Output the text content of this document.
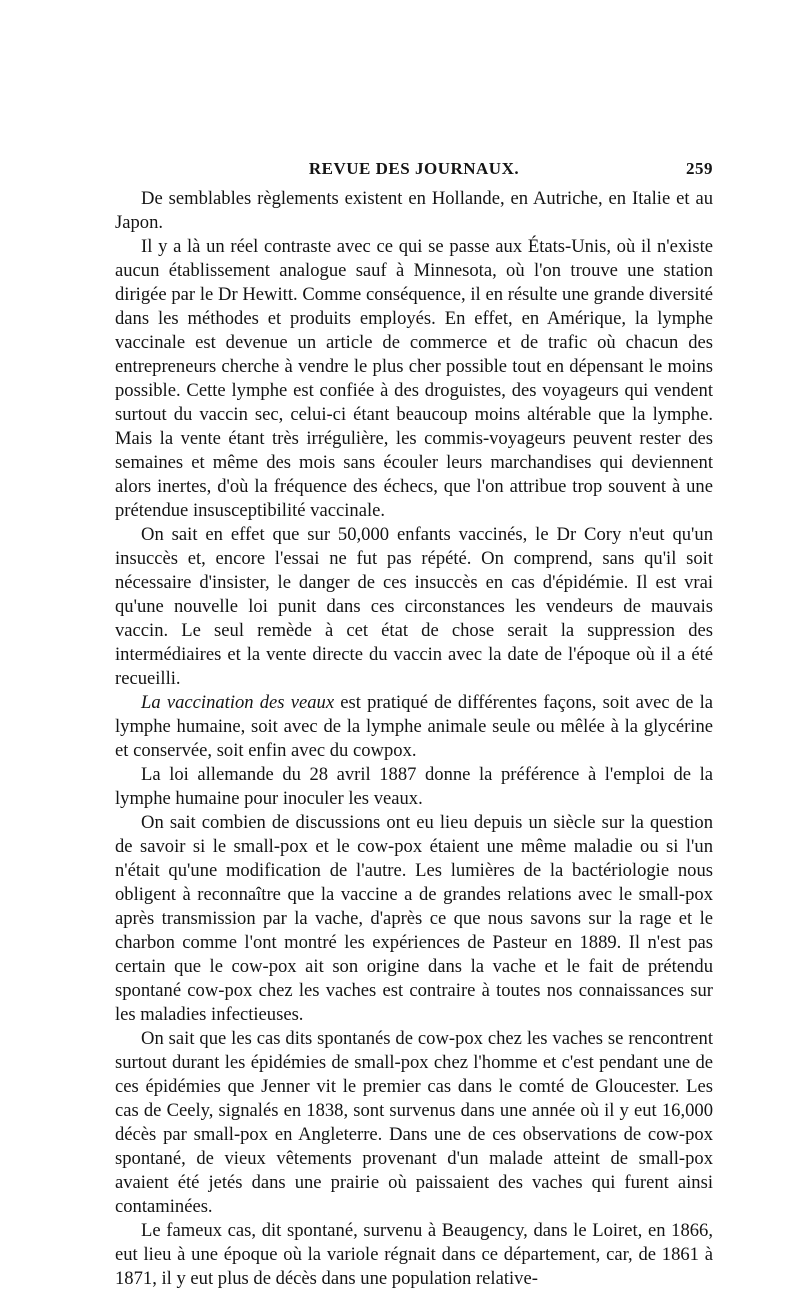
REVUE DES JOURNAUX.	259

De semblables règlements existent en Hollande, en Autriche, en Italie et au Japon.

Il y a là un réel contraste avec ce qui se passe aux États-Unis, où il n'existe aucun établissement analogue sauf à Minnesota, où l'on trouve une station dirigée par le Dr Hewitt. Comme conséquence, il en résulte une grande diversité dans les méthodes et produits employés. En effet, en Amérique, la lymphe vaccinale est devenue un article de commerce et de trafic où chacun des entrepreneurs cherche à vendre le plus cher possible tout en dépensant le moins possible. Cette lymphe est confiée à des droguistes, des voyageurs qui vendent surtout du vaccin sec, celui-ci étant beaucoup moins altérable que la lymphe. Mais la vente étant très irrégulière, les commis-voyageurs peuvent rester des semaines et même des mois sans écouler leurs marchandises qui deviennent alors inertes, d'où la fréquence des échecs, que l'on attribue trop souvent à une prétendue insusceptibilité vaccinale.

On sait en effet que sur 50,000 enfants vaccinés, le Dr Cory n'eut qu'un insuccès et, encore l'essai ne fut pas répété. On comprend, sans qu'il soit nécessaire d'insister, le danger de ces insuccès en cas d'épidémie. Il est vrai qu'une nouvelle loi punit dans ces circonstances les vendeurs de mauvais vaccin. Le seul remède à cet état de chose serait la suppression des intermédiaires et la vente directe du vaccin avec la date de l'époque où il a été recueilli.

La vaccination des veaux est pratiqué de différentes façons, soit avec de la lymphe humaine, soit avec de la lymphe animale seule ou mêlée à la glycérine et conservée, soit enfin avec du cowpox.

La loi allemande du 28 avril 1887 donne la préférence à l'emploi de la lymphe humaine pour inoculer les veaux.

On sait combien de discussions ont eu lieu depuis un siècle sur la question de savoir si le small-pox et le cow-pox étaient une même maladie ou si l'un n'était qu'une modification de l'autre. Les lumières de la bactériologie nous obligent à reconnaître que la vaccine a de grandes relations avec le small-pox après transmission par la vache, d'après ce que nous savons sur la rage et le charbon comme l'ont montré les expériences de Pasteur en 1889. Il n'est pas certain que le cow-pox ait son origine dans la vache et le fait de prétendu spontané cow-pox chez les vaches est contraire à toutes nos connaissances sur les maladies infectieuses.

On sait que les cas dits spontanés de cow-pox chez les vaches se rencontrent surtout durant les épidémies de small-pox chez l'homme et c'est pendant une de ces épidémies que Jenner vit le premier cas dans le comté de Gloucester. Les cas de Ceely, signalés en 1838, sont survenus dans une année où il y eut 16,000 décès par small-pox en Angleterre. Dans une de ces observations de cow-pox spontané, de vieux vêtements provenant d'un malade atteint de small-pox avaient été jetés dans une prairie où paissaient des vaches qui furent ainsi contaminées.

Le fameux cas, dit spontané, survenu à Beaugency, dans le Loiret, en 1866, eut lieu à une époque où la variole régnait dans ce département, car, de 1861 à 1871, il y eut plus de décès dans une population relative-
